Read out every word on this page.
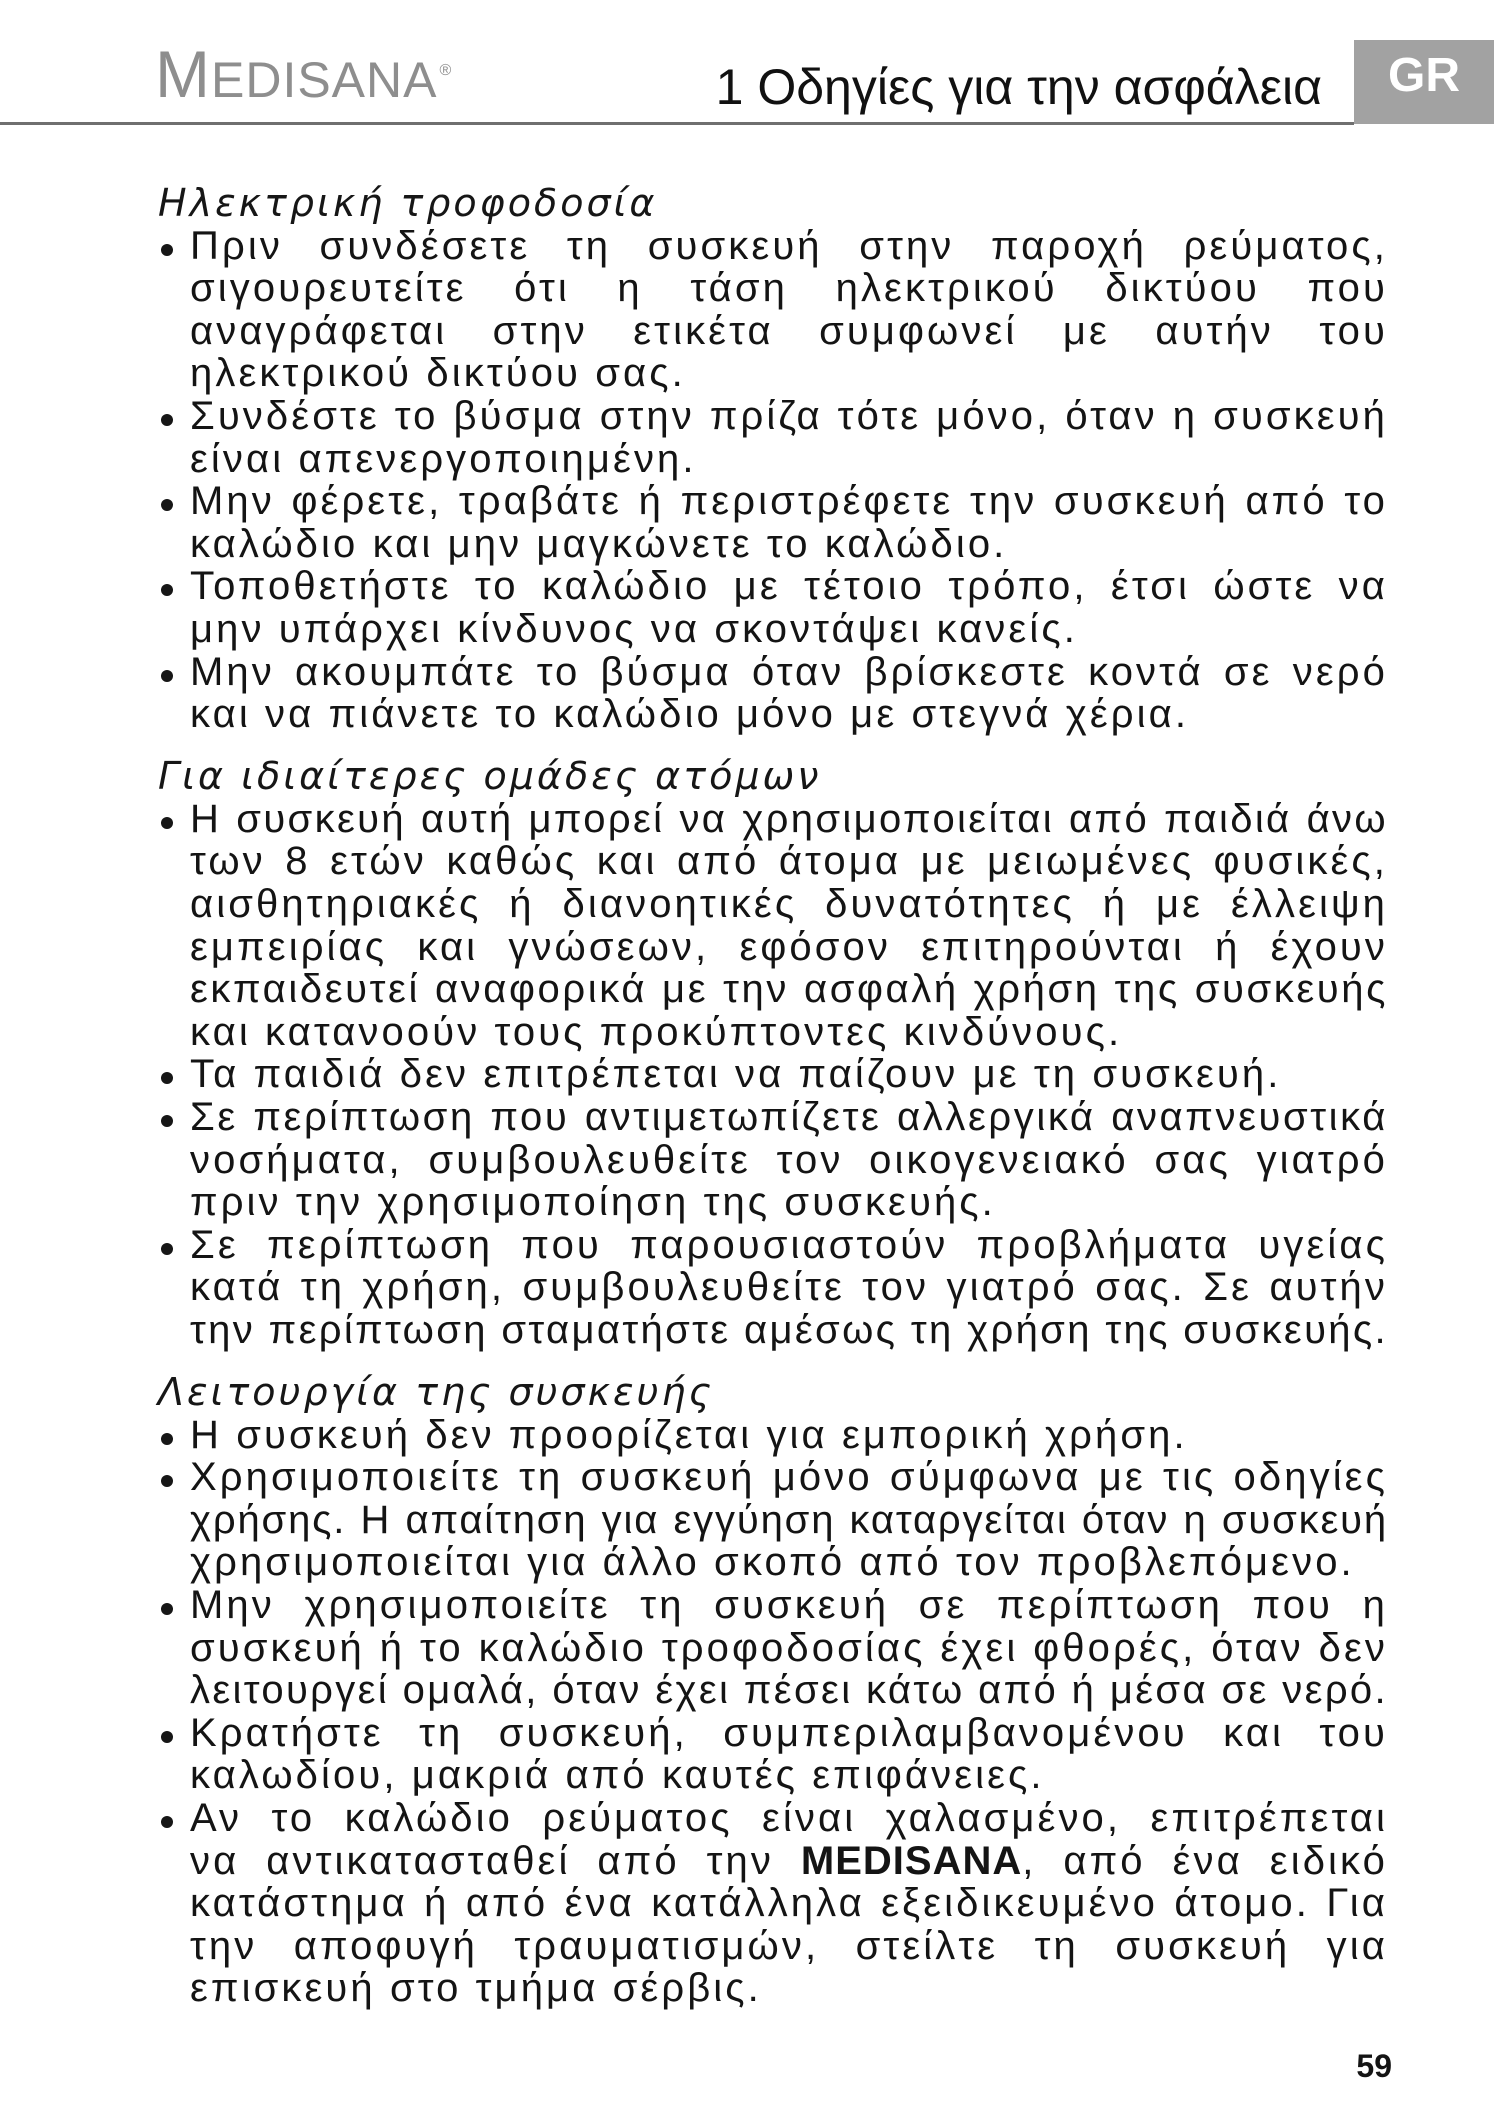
MEDISANA ®	1 Οδηγίες για την ασφάλεια	GR
Ηλεκτρική τροφοδοσία
Πριν συνδέσετε τη συσκευή στην παροχή ρεύματος,
σιγουρευτείτε ότι η τάση ηλεκτρικού δικτύου που
αναγράφεται στην ετικέτα συμφωνεί με αυτήν του
ηλεκτρικού δικτύου σας.
Συνδέστε το βύσμα στην πρίζα τότε μόνο, όταν η συσκευή
είναι απενεργοποιημένη.
Μην φέρετε, τραβάτε ή περιστρέφετε την συσκευή από το
καλώδιο και μην μαγκώνετε το καλώδιο.
Τοποθετήστε το καλώδιο με τέτοιο τρόπο, έτσι ώστε να
μην υπάρχει κίνδυνος να σκοντάψει κανείς.
Μην ακουμπάτε το βύσμα όταν βρίσκεστε κοντά σε νερό
και να πιάνετε το καλώδιο μόνο με στεγνά χέρια.
Για ιδιαίτερες ομάδες ατόμων
Η συσκευή αυτή μπορεί να χρησιμοποιείται από παιδιά άνω
των 8 ετών καθώς και από άτομα με μειωμένες φυσικές,
αισθητηριακές ή διανοητικές δυνατότητες ή με έλλειψη
εμπειρίας και γνώσεων, εφόσον επιτηρούνται ή έχουν
εκπαιδευτεί αναφορικά με την ασφαλή χρήση της συσκευής
και κατανοούν τους προκύπτοντες κινδύνους.
Τα παιδιά δεν επιτρέπεται να παίζουν με τη συσκευή.
Σε περίπτωση που αντιμετωπίζετε αλλεργικά αναπνευστικά
νοσήματα, συμβουλευθείτε τον οικογενειακό σας γιατρό
πριν την χρησιμοποίηση της συσκευής.
Σε περίπτωση που παρουσιαστούν προβλήματα υγείας
κατά τη χρήση, συμβουλευθείτε τον γιατρό σας. Σε αυτήν
την περίπτωση σταματήστε αμέσως τη χρήση της συσκευής.
Λειτουργία της συσκευής
Η συσκευή δεν προορίζεται για εμπορική χρήση.
Χρησιμοποιείτε τη συσκευή μόνο σύμφωνα με τις οδηγίες
χρήσης. Η απαίτηση για εγγύηση καταργείται όταν η συσκευή
χρησιμοποιείται για άλλο σκοπό από τον προβλεπόμενο.
Μην χρησιμοποιείτε τη συσκευή σε περίπτωση που η
συσκευή ή το καλώδιο τροφοδοσίας έχει φθορές, όταν δεν
λειτουργεί ομαλά, όταν έχει πέσει κάτω από ή μέσα σε νερό.
Κρατήστε τη συσκευή, συμπεριλαμβανομένου και του
καλωδίου, μακριά από καυτές επιφάνειες.
Αν το καλώδιο ρεύματος είναι χαλασμένο, επιτρέπεται
να αντικατασταθεί από την MEDISANA, από ένα ειδικό
κατάστημα ή από ένα κατάλληλα εξειδικευμένο άτομο. Για
την αποφυγή τραυματισμών, στείλτε τη συσκευή για
επισκευή στο τμήμα σέρβις.
59
